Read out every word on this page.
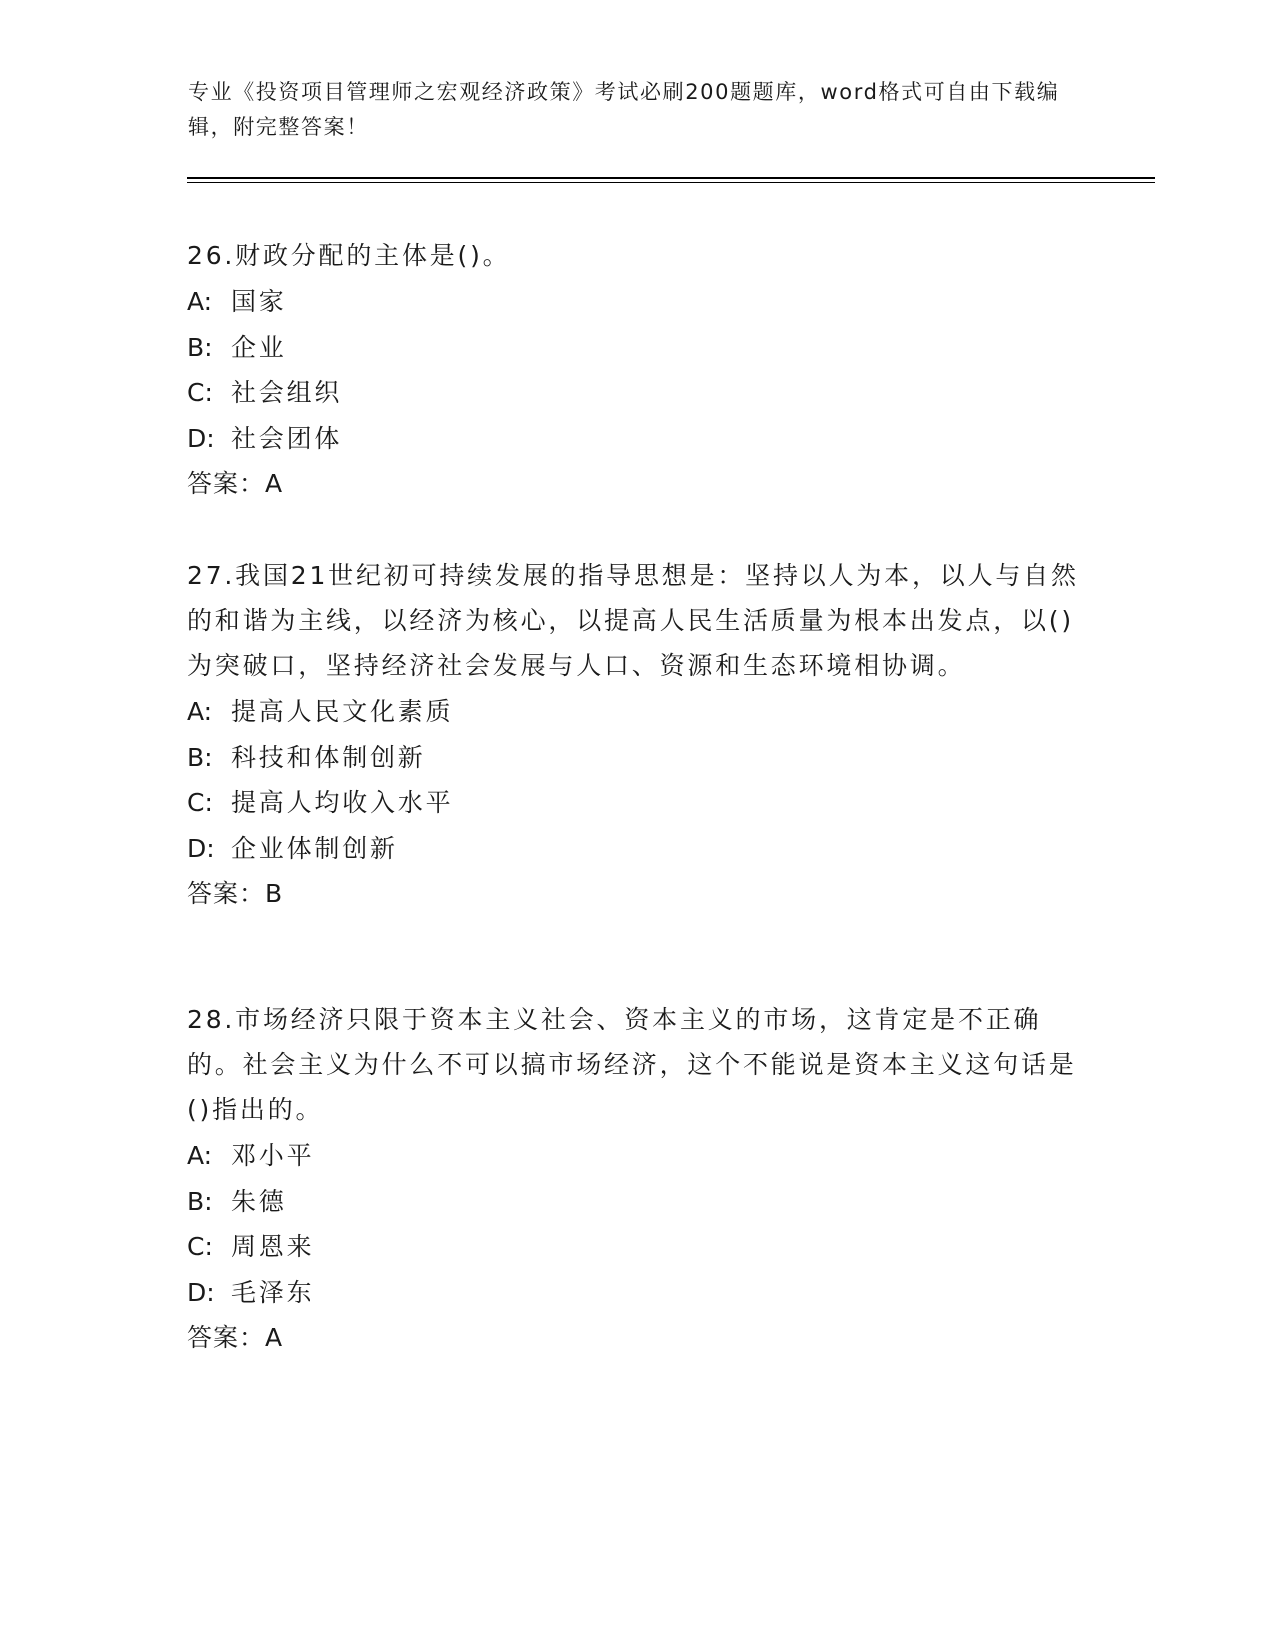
专业《投资项目管理师之宏观经济政策》考试必刷200题题库，word格式可自由下载编辑，附完整答案！
26.财政分配的主体是()。
A: 国家
B: 企业
C: 社会组织
D: 社会团体
答案：A
27.我国21世纪初可持续发展的指导思想是：坚持以人为本，以人与自然的和谐为主线，以经济为核心，以提高人民生活质量为根本出发点，以()为突破口，坚持经济社会发展与人口、资源和生态环境相协调。
A: 提高人民文化素质
B: 科技和体制创新
C: 提高人均收入水平
D: 企业体制创新
答案：B
28.市场经济只限于资本主义社会、资本主义的市场，这肯定是不正确的。社会主义为什么不可以搞市场经济，这个不能说是资本主义这句话是()指出的。
A: 邓小平
B: 朱德
C: 周恩来
D: 毛泽东
答案：A
